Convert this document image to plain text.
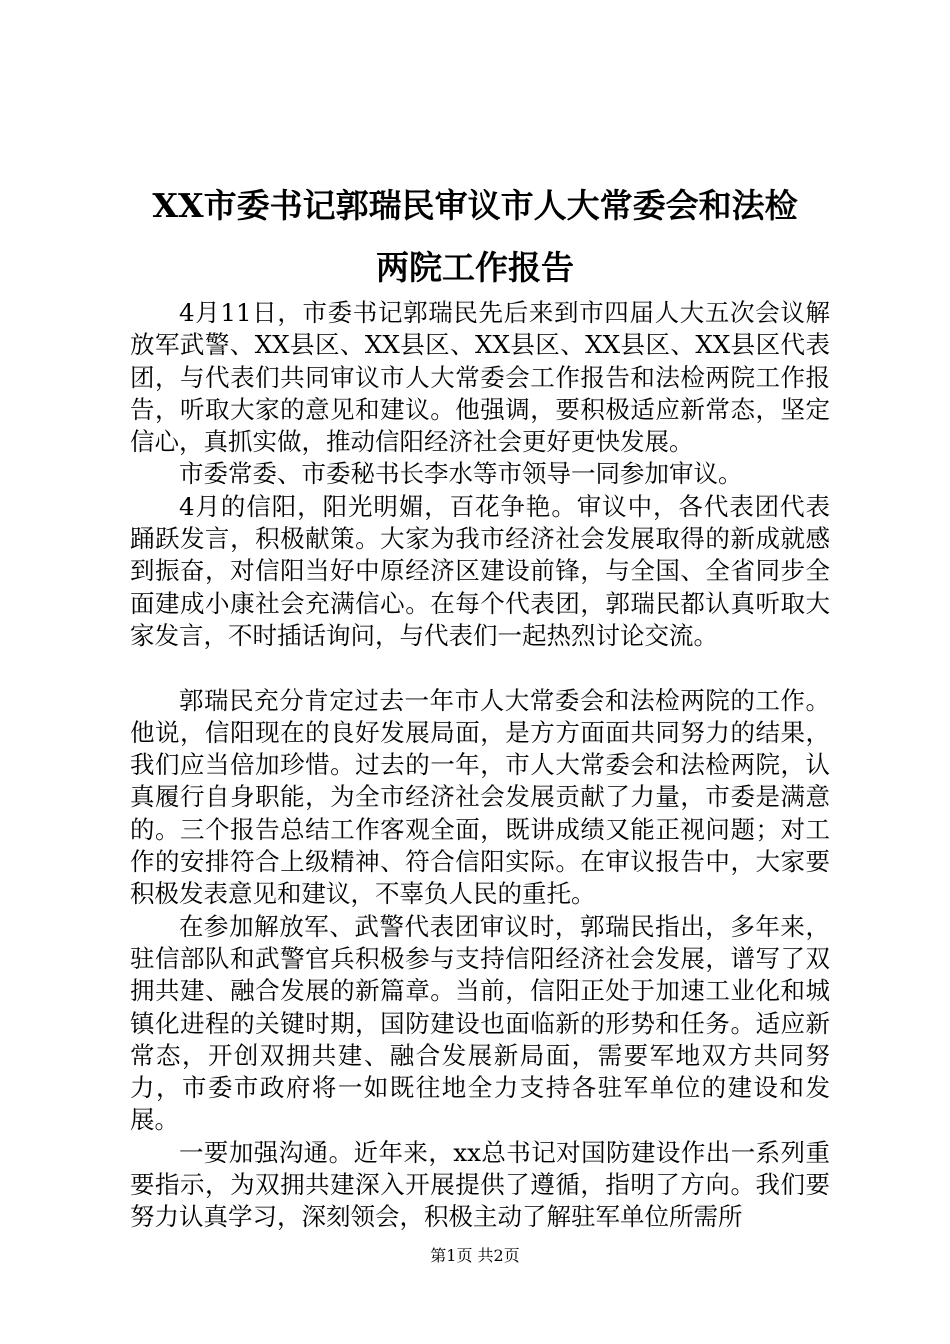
XX市委书记郭瑞民审议市人大常委会和法检
两院工作报告

4月11日，市委书记郭瑞民先后来到市四届人大五次会议解放军武警、XX县区、XX县区、XX县区、XX县区、XX县区代表团，与代表们共同审议市人大常委会工作报告和法检两院工作报告，听取大家的意见和建议。他强调，要积极适应新常态，坚定信心，真抓实做，推动信阳经济社会更好更快发展。

市委常委、市委秘书长李水等市领导一同参加审议。

4月的信阳，阳光明媚，百花争艳。审议中，各代表团代表踊跃发言，积极献策。大家为我市经济社会发展取得的新成就感到振奋，对信阳当好中原经济区建设前锋，与全国、全省同步全面建成小康社会充满信心。在每个代表团，郭瑞民都认真听取大家发言，不时插话询问，与代表们一起热烈讨论交流。

郭瑞民充分肯定过去一年市人大常委会和法检两院的工作。他说，信阳现在的良好发展局面，是方方面面共同努力的结果，我们应当倍加珍惜。过去的一年，市人大常委会和法检两院，认真履行自身职能，为全市经济社会发展贡献了力量，市委是满意的。三个报告总结工作客观全面，既讲成绩又能正视问题；对工作的安排符合上级精神、符合信阳实际。在审议报告中，大家要积极发表意见和建议，不辜负人民的重托。

在参加解放军、武警代表团审议时，郭瑞民指出，多年来，驻信部队和武警官兵积极参与支持信阳经济社会发展，谱写了双拥共建、融合发展的新篇章。当前，信阳正处于加速工业化和城镇化进程的关键时期，国防建设也面临新的形势和任务。适应新常态，开创双拥共建、融合发展新局面，需要军地双方共同努力，市委市政府将一如既往地全力支持各驻军单位的建设和发展。

一要加强沟通。近年来，xx总书记对国防建设作出一系列重要指示，为双拥共建深入开展提供了遵循，指明了方向。我们要努力认真学习，深刻领会，积极主动了解驻军单位所需所

第1页 共2页
